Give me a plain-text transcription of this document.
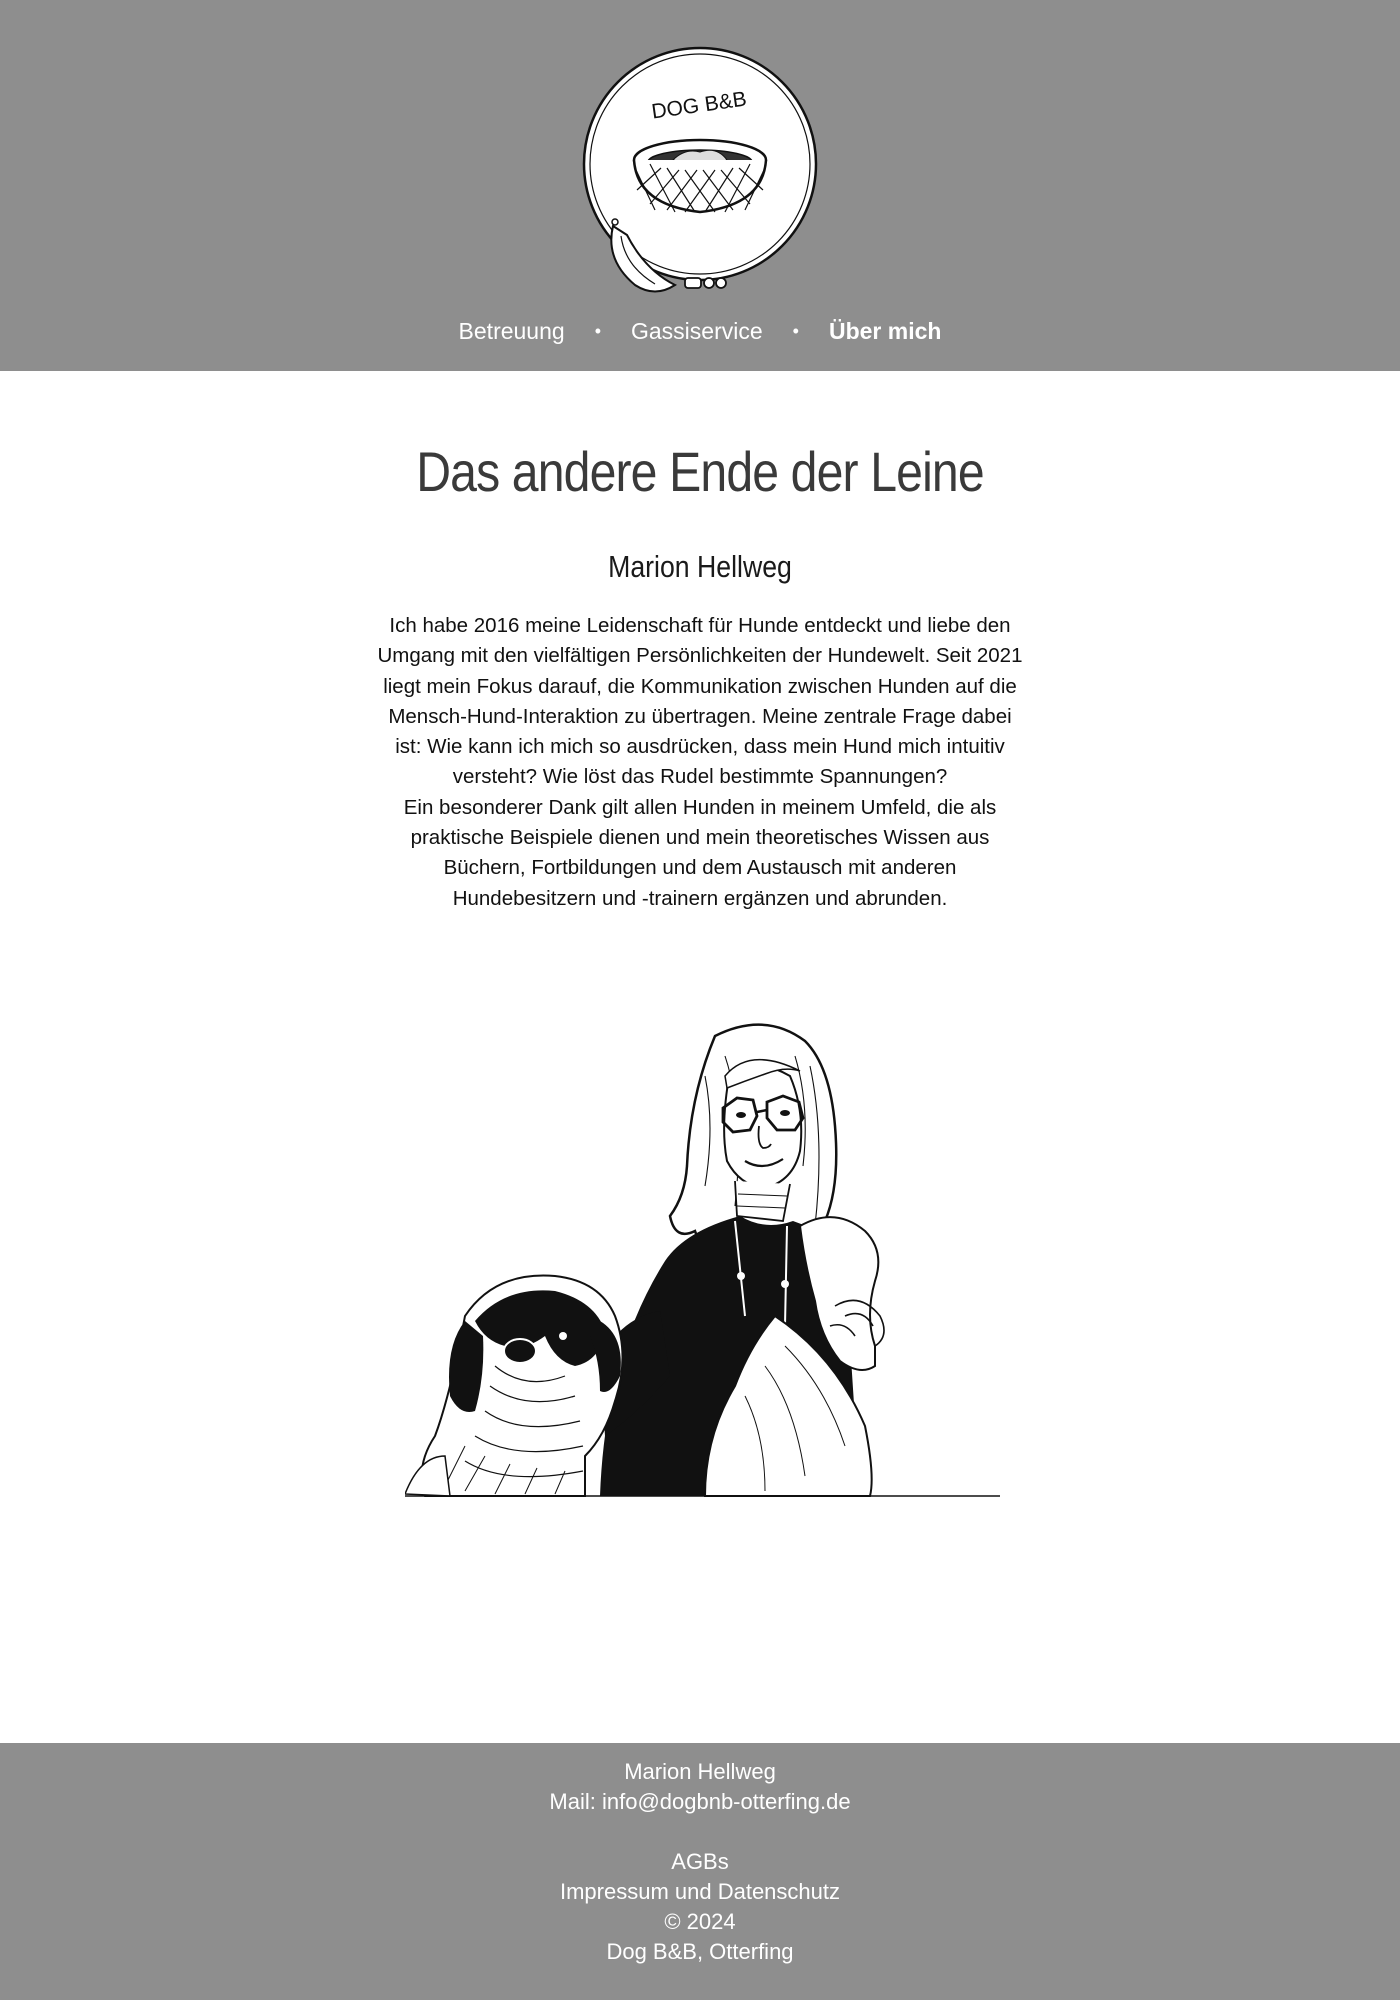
DOG B&B
Betreuung • Gassiservice • Über mich
Das andere Ende der Leine
Marion Hellweg

Ich habe 2016 meine Leidenschaft für Hunde entdeckt und liebe den

Umgang mit den vielfältigen Persönlichkeiten der Hundewelt. Seit 2021

liegt mein Fokus darauf, die Kommunikation zwischen Hunden auf die

Mensch-Hund-Interaktion zu übertragen. Meine zentrale Frage dabei

ist: Wie kann ich mich so ausdrücken, dass mein Hund mich intuitiv

versteht? Wie löst das Rudel bestimmte Spannungen?

Ein besonderer Dank gilt allen Hunden in meinem Umfeld, die als

praktische Beispiele dienen und mein theoretisches Wissen aus

Büchern, Fortbildungen und dem Austausch mit anderen

Hundebesitzern und -trainern ergänzen und abrunden.

Marion Hellweg
Mail: info@dogbnb-otterfing.de
AGBs
Impressum und Datenschutz
© 2024
Dog B&B, Otterfing
